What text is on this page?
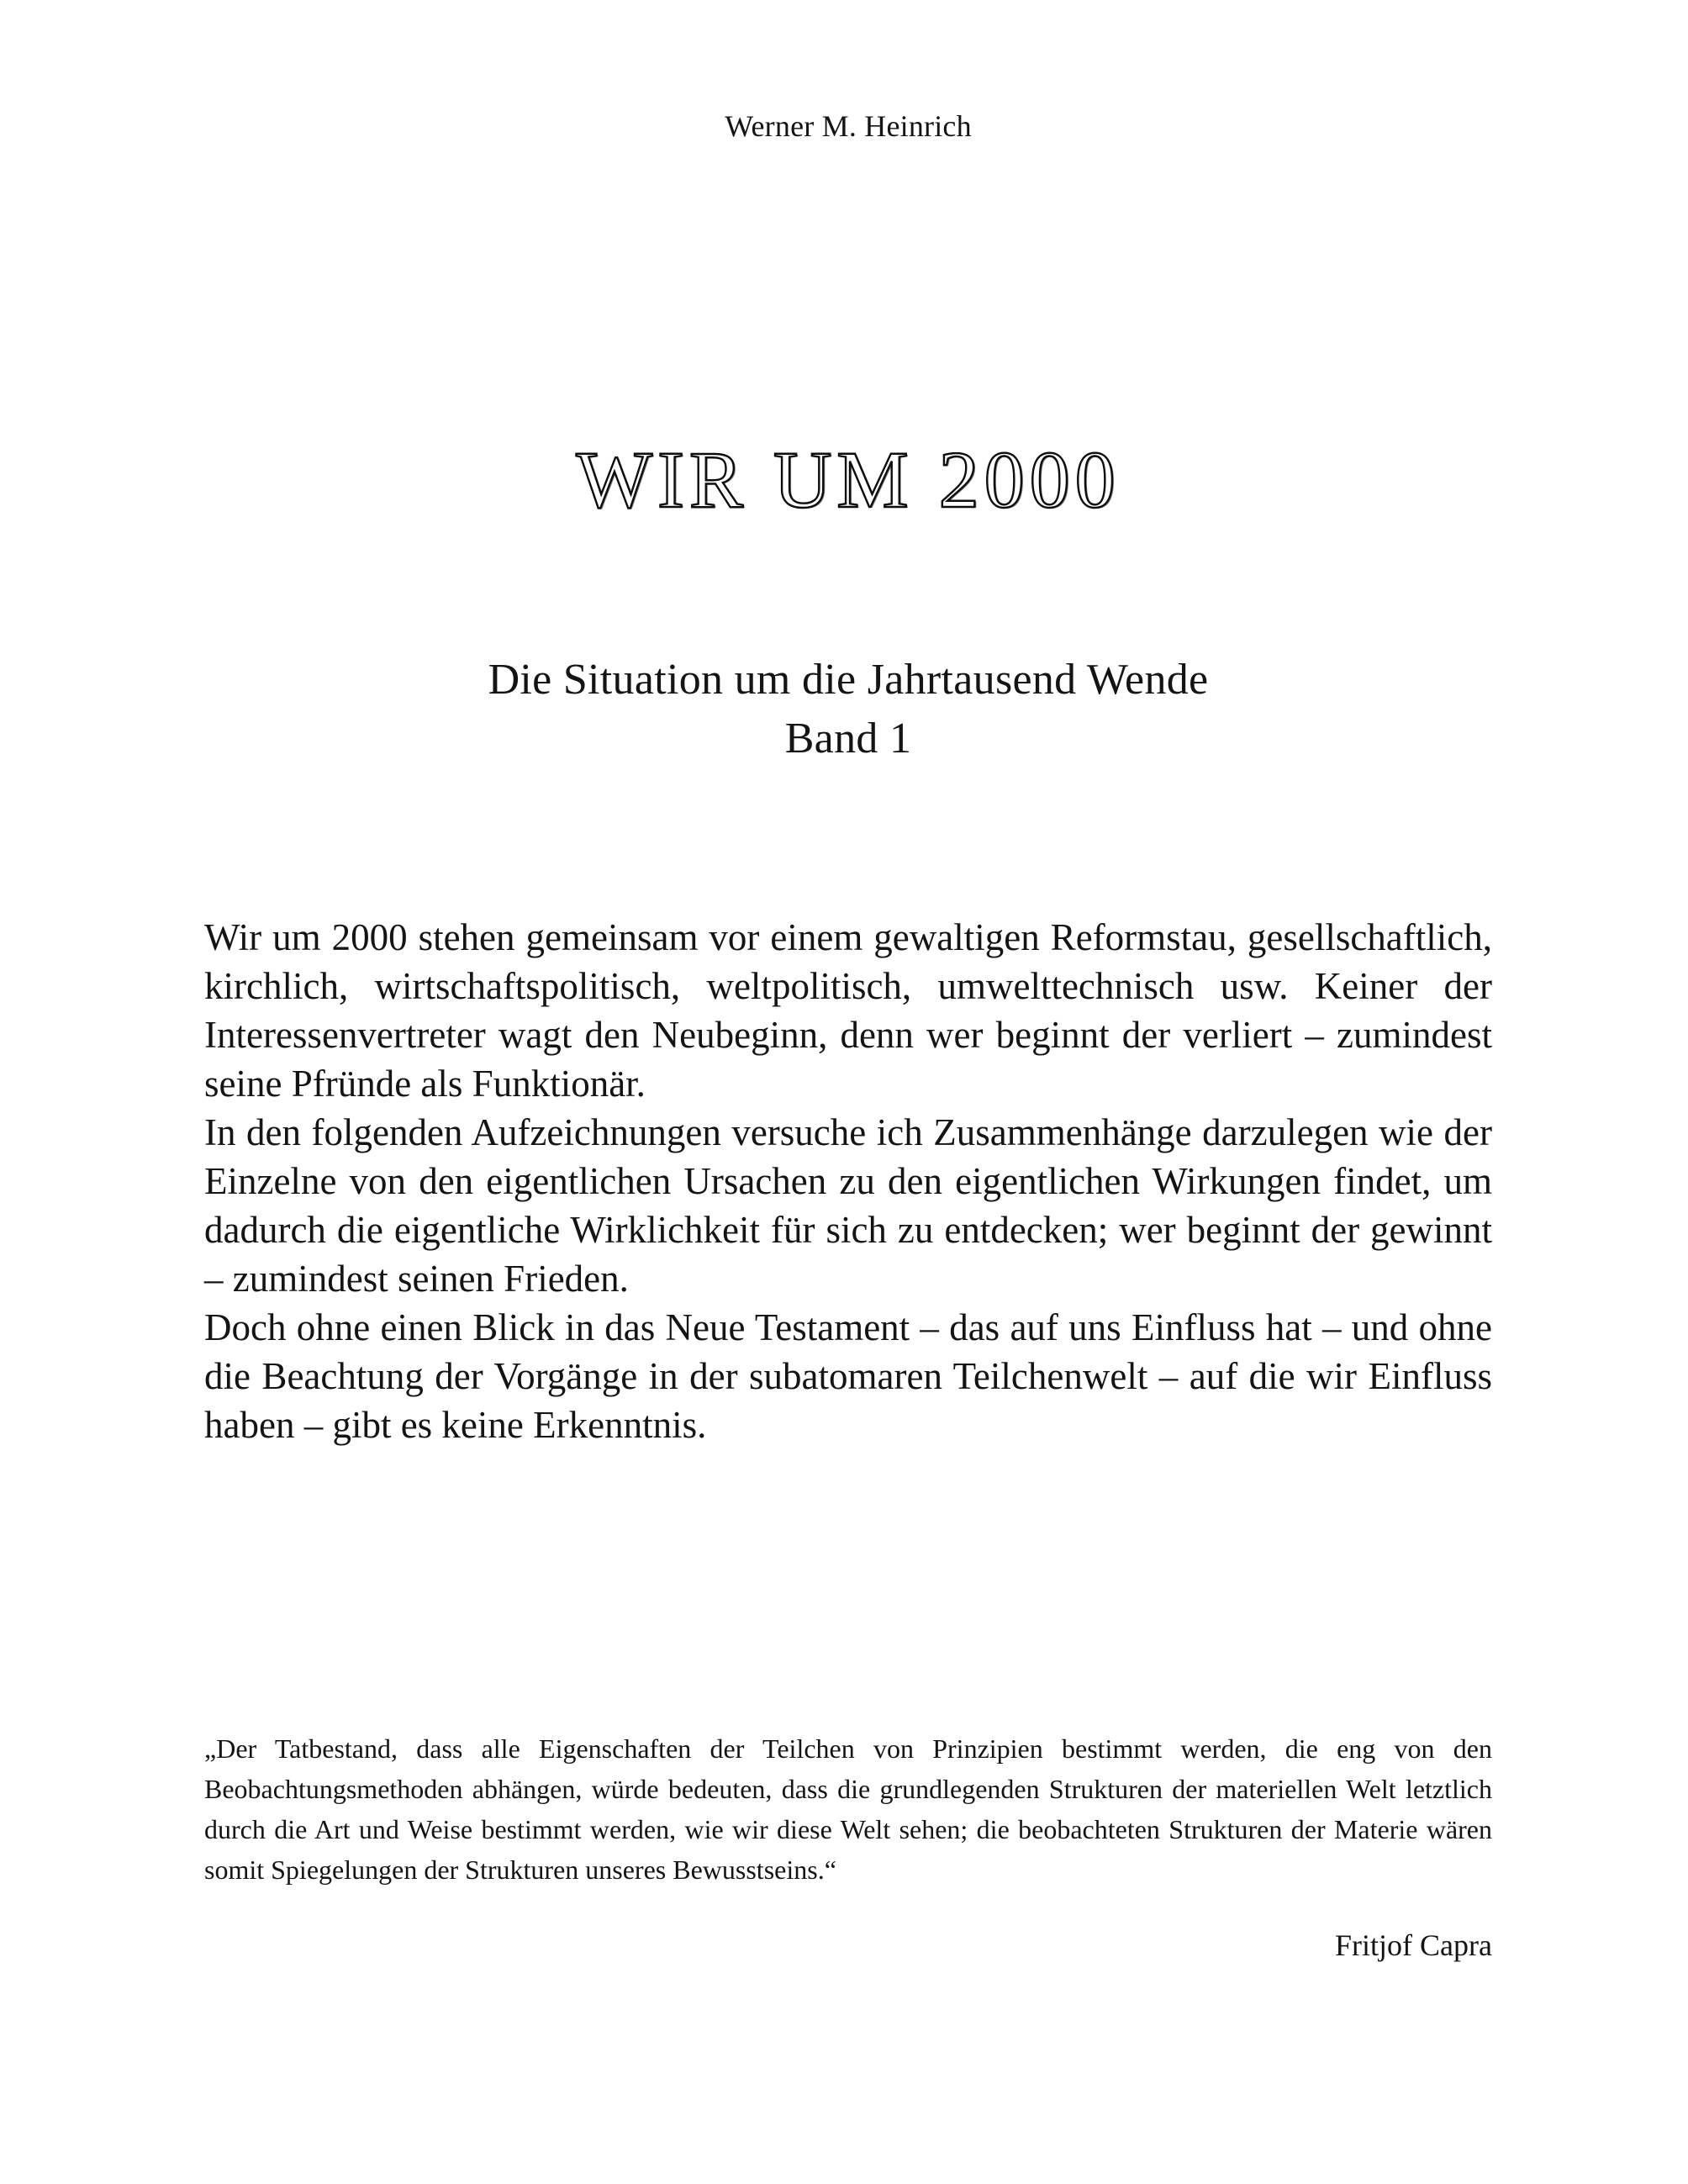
Werner M. Heinrich
WIR UM 2000
Die Situation um die Jahrtausend Wende
Band 1

Wir um 2000 stehen gemeinsam vor einem gewaltigen Reformstau, gesellschaftlich, kirchlich, wirtschaftspolitisch, weltpolitisch, umwelttechnisch usw. Keiner der Interessenvertreter wagt den Neubeginn, denn wer beginnt der verliert – zumindest seine Pfründe als Funktionär.

In den folgenden Aufzeichnungen versuche ich Zusammenhänge darzulegen wie der Einzelne von den eigentlichen Ursachen zu den eigentlichen Wirkungen findet, um dadurch die eigentliche Wirklichkeit für sich zu entdecken; wer beginnt der gewinnt – zumindest seinen Frieden.

Doch ohne einen Blick in das Neue Testament – das auf uns Einfluss hat – und ohne die Beachtung der Vorgänge in der subatomaren Teilchenwelt – auf die wir Einfluss haben – gibt es keine Erkenntnis.

„Der Tatbestand, dass alle Eigenschaften der Teilchen von Prinzipien bestimmt werden, die eng von den Beobachtungsmethoden abhängen, würde bedeuten, dass die grundlegenden Strukturen der materiellen Welt letztlich durch die Art und Weise bestimmt werden, wie wir diese Welt sehen; die beobachteten Strukturen der Materie wären somit Spiegelungen der Strukturen unseres Bewusstseins.“

Fritjof Capra
